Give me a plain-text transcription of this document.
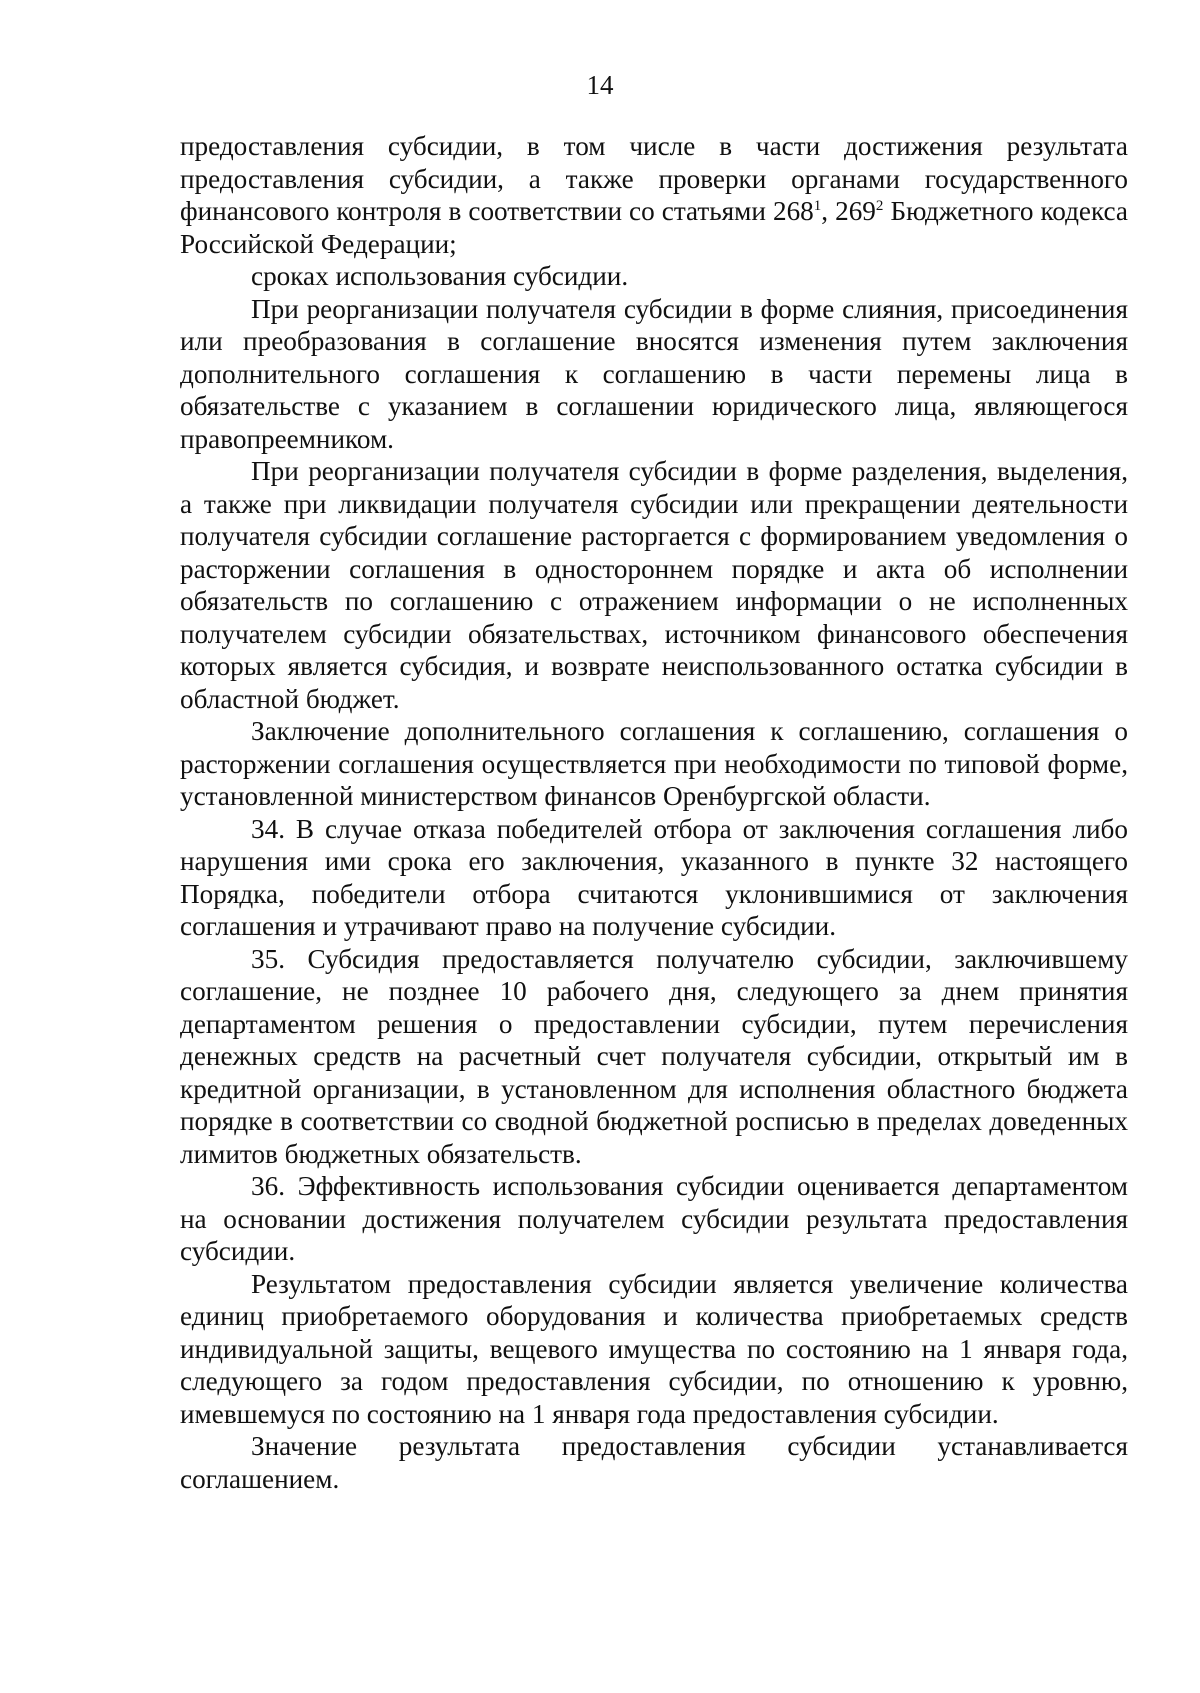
14

предоставления субсидии, в том числе в части достижения результата предоставления субсидии, а также проверки органами государственного финансового контроля в соответствии со статьями $268^1$, $269^2$ Бюджетного кодекса Российской Федерации;

сроках использования субсидии.

При реорганизации получателя субсидии в форме слияния, присоединения или преобразования в соглашение вносятся изменения путем заключения дополнительного соглашения к соглашению в части перемены лица в обязательстве с указанием в соглашении юридического лица, являющегося правопреемником.

При реорганизации получателя субсидии в форме разделения, выделения, а также при ликвидации получателя субсидии или прекращении деятельности получателя субсидии соглашение расторгается с формированием уведомления о расторжении соглашения в одностороннем порядке и акта об исполнении обязательств по соглашению с отражением информации о не исполненных получателем субсидии обязательствах, источником финансового обеспечения которых является субсидия, и возврате неиспользованного остатка субсидии в областной бюджет.

Заключение дополнительного соглашения к соглашению, соглашения о расторжении соглашения осуществляется при необходимости по типовой форме, установленной министерством финансов Оренбургской области.

34. В случае отказа победителей отбора от заключения соглашения либо нарушения ими срока его заключения, указанного в пункте 32 настоящего Порядка, победители отбора считаются уклонившимися от заключения соглашения и утрачивают право на получение субсидии.

35. Субсидия предоставляется получателю субсидии, заключившему соглашение, не позднее 10 рабочего дня, следующего за днем принятия департаментом решения о предоставлении субсидии, путем перечисления денежных средств на расчетный счет получателя субсидии, открытый им в кредитной организации, в установленном для исполнения областного бюджета порядке в соответствии со сводной бюджетной росписью в пределах доведенных лимитов бюджетных обязательств.

36. Эффективность использования субсидии оценивается департаментом на основании достижения получателем субсидии результата предоставления субсидии.

Результатом предоставления субсидии является увеличение количества единиц приобретаемого оборудования и количества приобретаемых средств индивидуальной защиты, вещевого имущества по состоянию на 1 января года, следующего за годом предоставления субсидии, по отношению к уровню, имевшемуся по состоянию на 1 января года предоставления субсидии.

Значение результата предоставления субсидии устанавливается соглашением.
